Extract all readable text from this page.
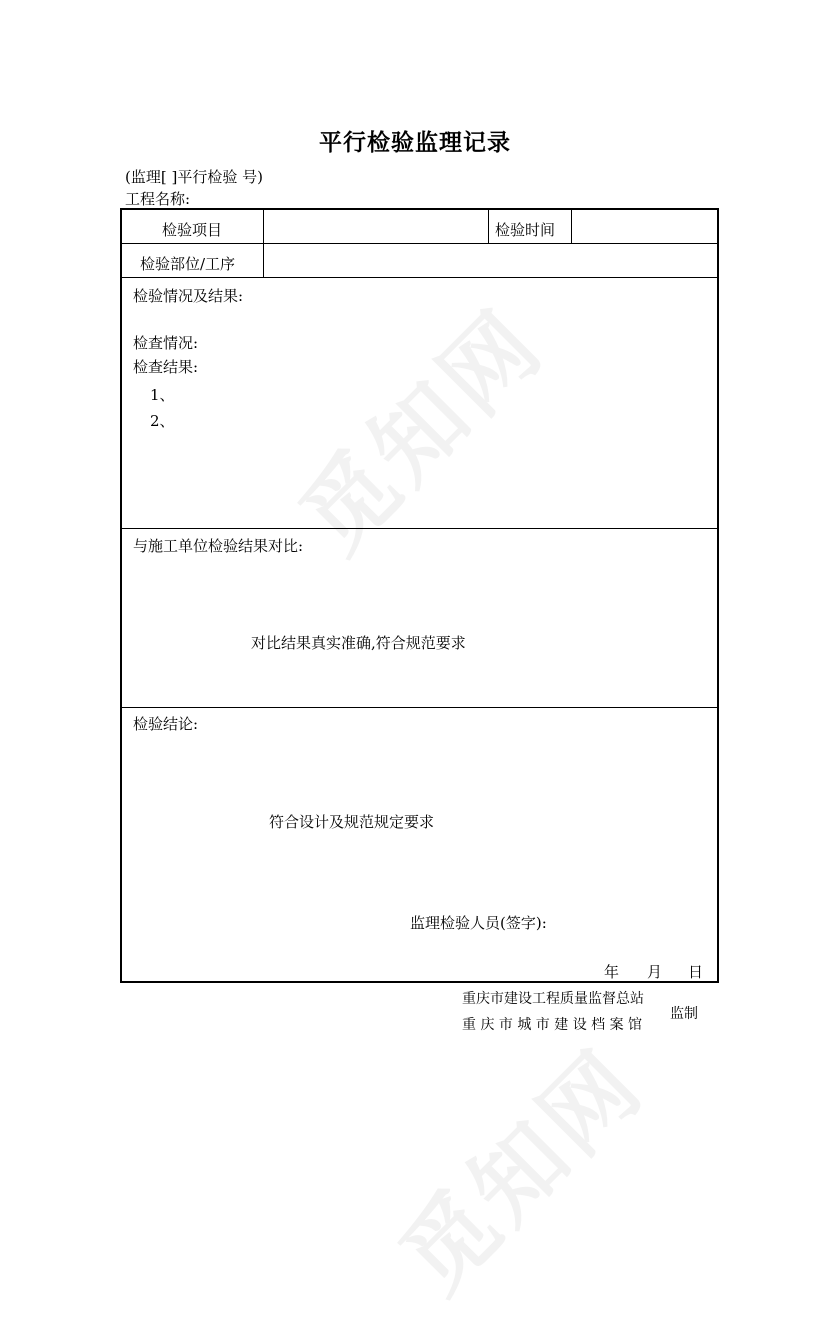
觅知网
觅知网
平行检验监理记录
(监理[ ]平行检验 号)
工程名称:
检验项目	检验时间
检验部位/工序
检验情况及结果:
检查情况:
检查结果:
1、
2、
与施工单位检验结果对比:
对比结果真实准确,符合规范要求
检验结论:
符合设计及规范规定要求
监理检验人员(签字):
年 月 日
重庆市建设工程质量监督总站
重 庆 市 城 市 建 设 档 案 馆
监制
